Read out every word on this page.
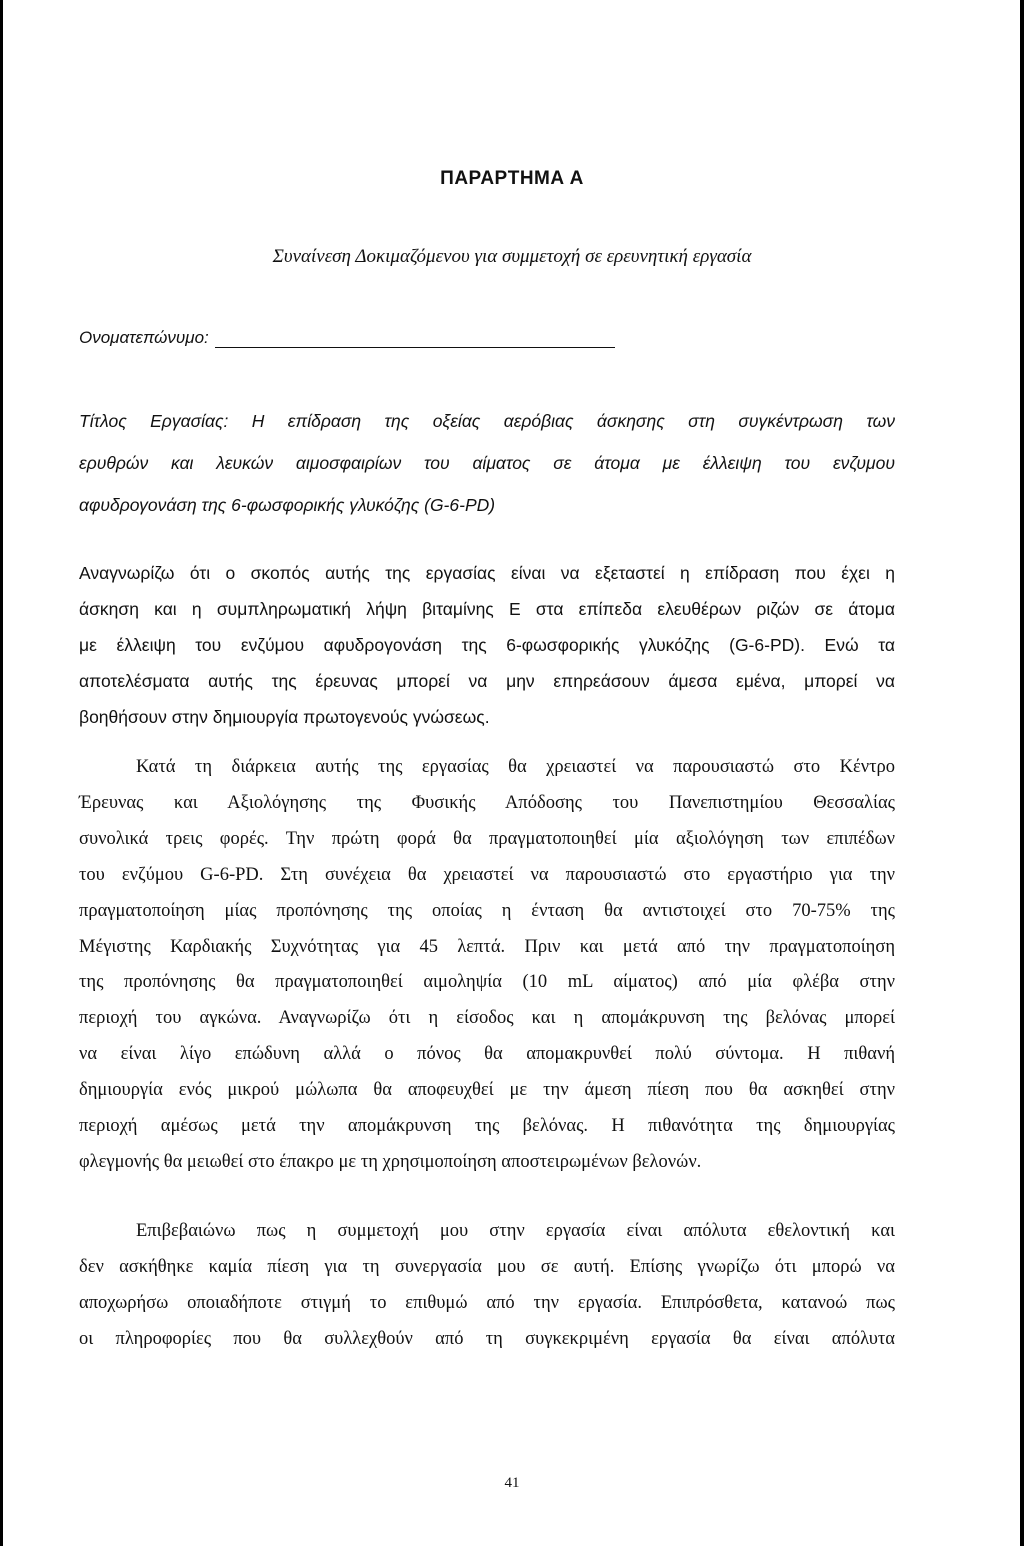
ΠΑΡΑΡΤΗΜΑ Α
Συναίνεση Δοκιμαζόμενου για συμμετοχή σε ερευνητική εργασία
Ονοματεπώνυμο:
Τίτλος Εργασίας: Η επίδραση της οξείας αερόβιας άσκησης στη συγκέντρωση των
ερυθρών και λευκών αιμοσφαιρίων του αίματος σε άτομα με έλλειψη του ενζυμου
αφυδρογονάση της 6-φωσφορικής γλυκόζης (G-6-PD)
Αναγνωρίζω ότι ο σκοπός αυτής της εργασίας είναι να εξεταστεί η επίδραση που έχει η
άσκηση και η συμπληρωματική λήψη βιταμίνης Ε στα επίπεδα ελευθέρων ριζών σε άτομα
με έλλειψη του ενζύμου αφυδρογονάση της 6-φωσφορικής γλυκόζης (G-6-PD). Ενώ τα
αποτελέσματα αυτής της έρευνας μπορεί να μην επηρεάσουν άμεσα εμένα, μπορεί να
βοηθήσουν στην δημιουργία πρωτογενούς γνώσεως.
Κατά τη διάρκεια αυτής της εργασίας θα χρειαστεί να παρουσιαστώ στο Κέντρο
Έρευνας και Αξιολόγησης της Φυσικής Απόδοσης του Πανεπιστημίου Θεσσαλίας
συνολικά τρεις φορές. Την πρώτη φορά θα πραγματοποιηθεί μία αξιολόγηση των επιπέδων
του ενζύμου G-6-PD. Στη συνέχεια θα χρειαστεί να παρουσιαστώ στο εργαστήριο για την
πραγματοποίηση μίας προπόνησης της οποίας η ένταση θα αντιστοιχεί στο 70-75% της
Μέγιστης Καρδιακής Συχνότητας για 45 λεπτά. Πριν και μετά από την πραγματοποίηση
της προπόνησης θα πραγματοποιηθεί αιμοληψία (10 mL αίματος) από μία φλέβα στην
περιοχή του αγκώνα. Αναγνωρίζω ότι η είσοδος και η απομάκρυνση της βελόνας μπορεί
να είναι λίγο επώδυνη αλλά ο πόνος θα απομακρυνθεί πολύ σύντομα. Η πιθανή
δημιουργία ενός μικρού μώλωπα θα αποφευχθεί με την άμεση πίεση που θα ασκηθεί στην
περιοχή αμέσως μετά την απομάκρυνση της βελόνας. Η πιθανότητα της δημιουργίας
φλεγμονής θα μειωθεί στο έπακρο με τη χρησιμοποίηση αποστειρωμένων βελονών.
Επιβεβαιώνω πως η συμμετοχή μου στην εργασία είναι απόλυτα εθελοντική και
δεν ασκήθηκε καμία πίεση για τη συνεργασία μου σε αυτή. Επίσης γνωρίζω ότι μπορώ να
αποχωρήσω οποιαδήποτε στιγμή το επιθυμώ από την εργασία. Επιπρόσθετα, κατανοώ πως
οι πληροφορίες που θα συλλεχθούν από τη συγκεκριμένη εργασία θα είναι απόλυτα
41
